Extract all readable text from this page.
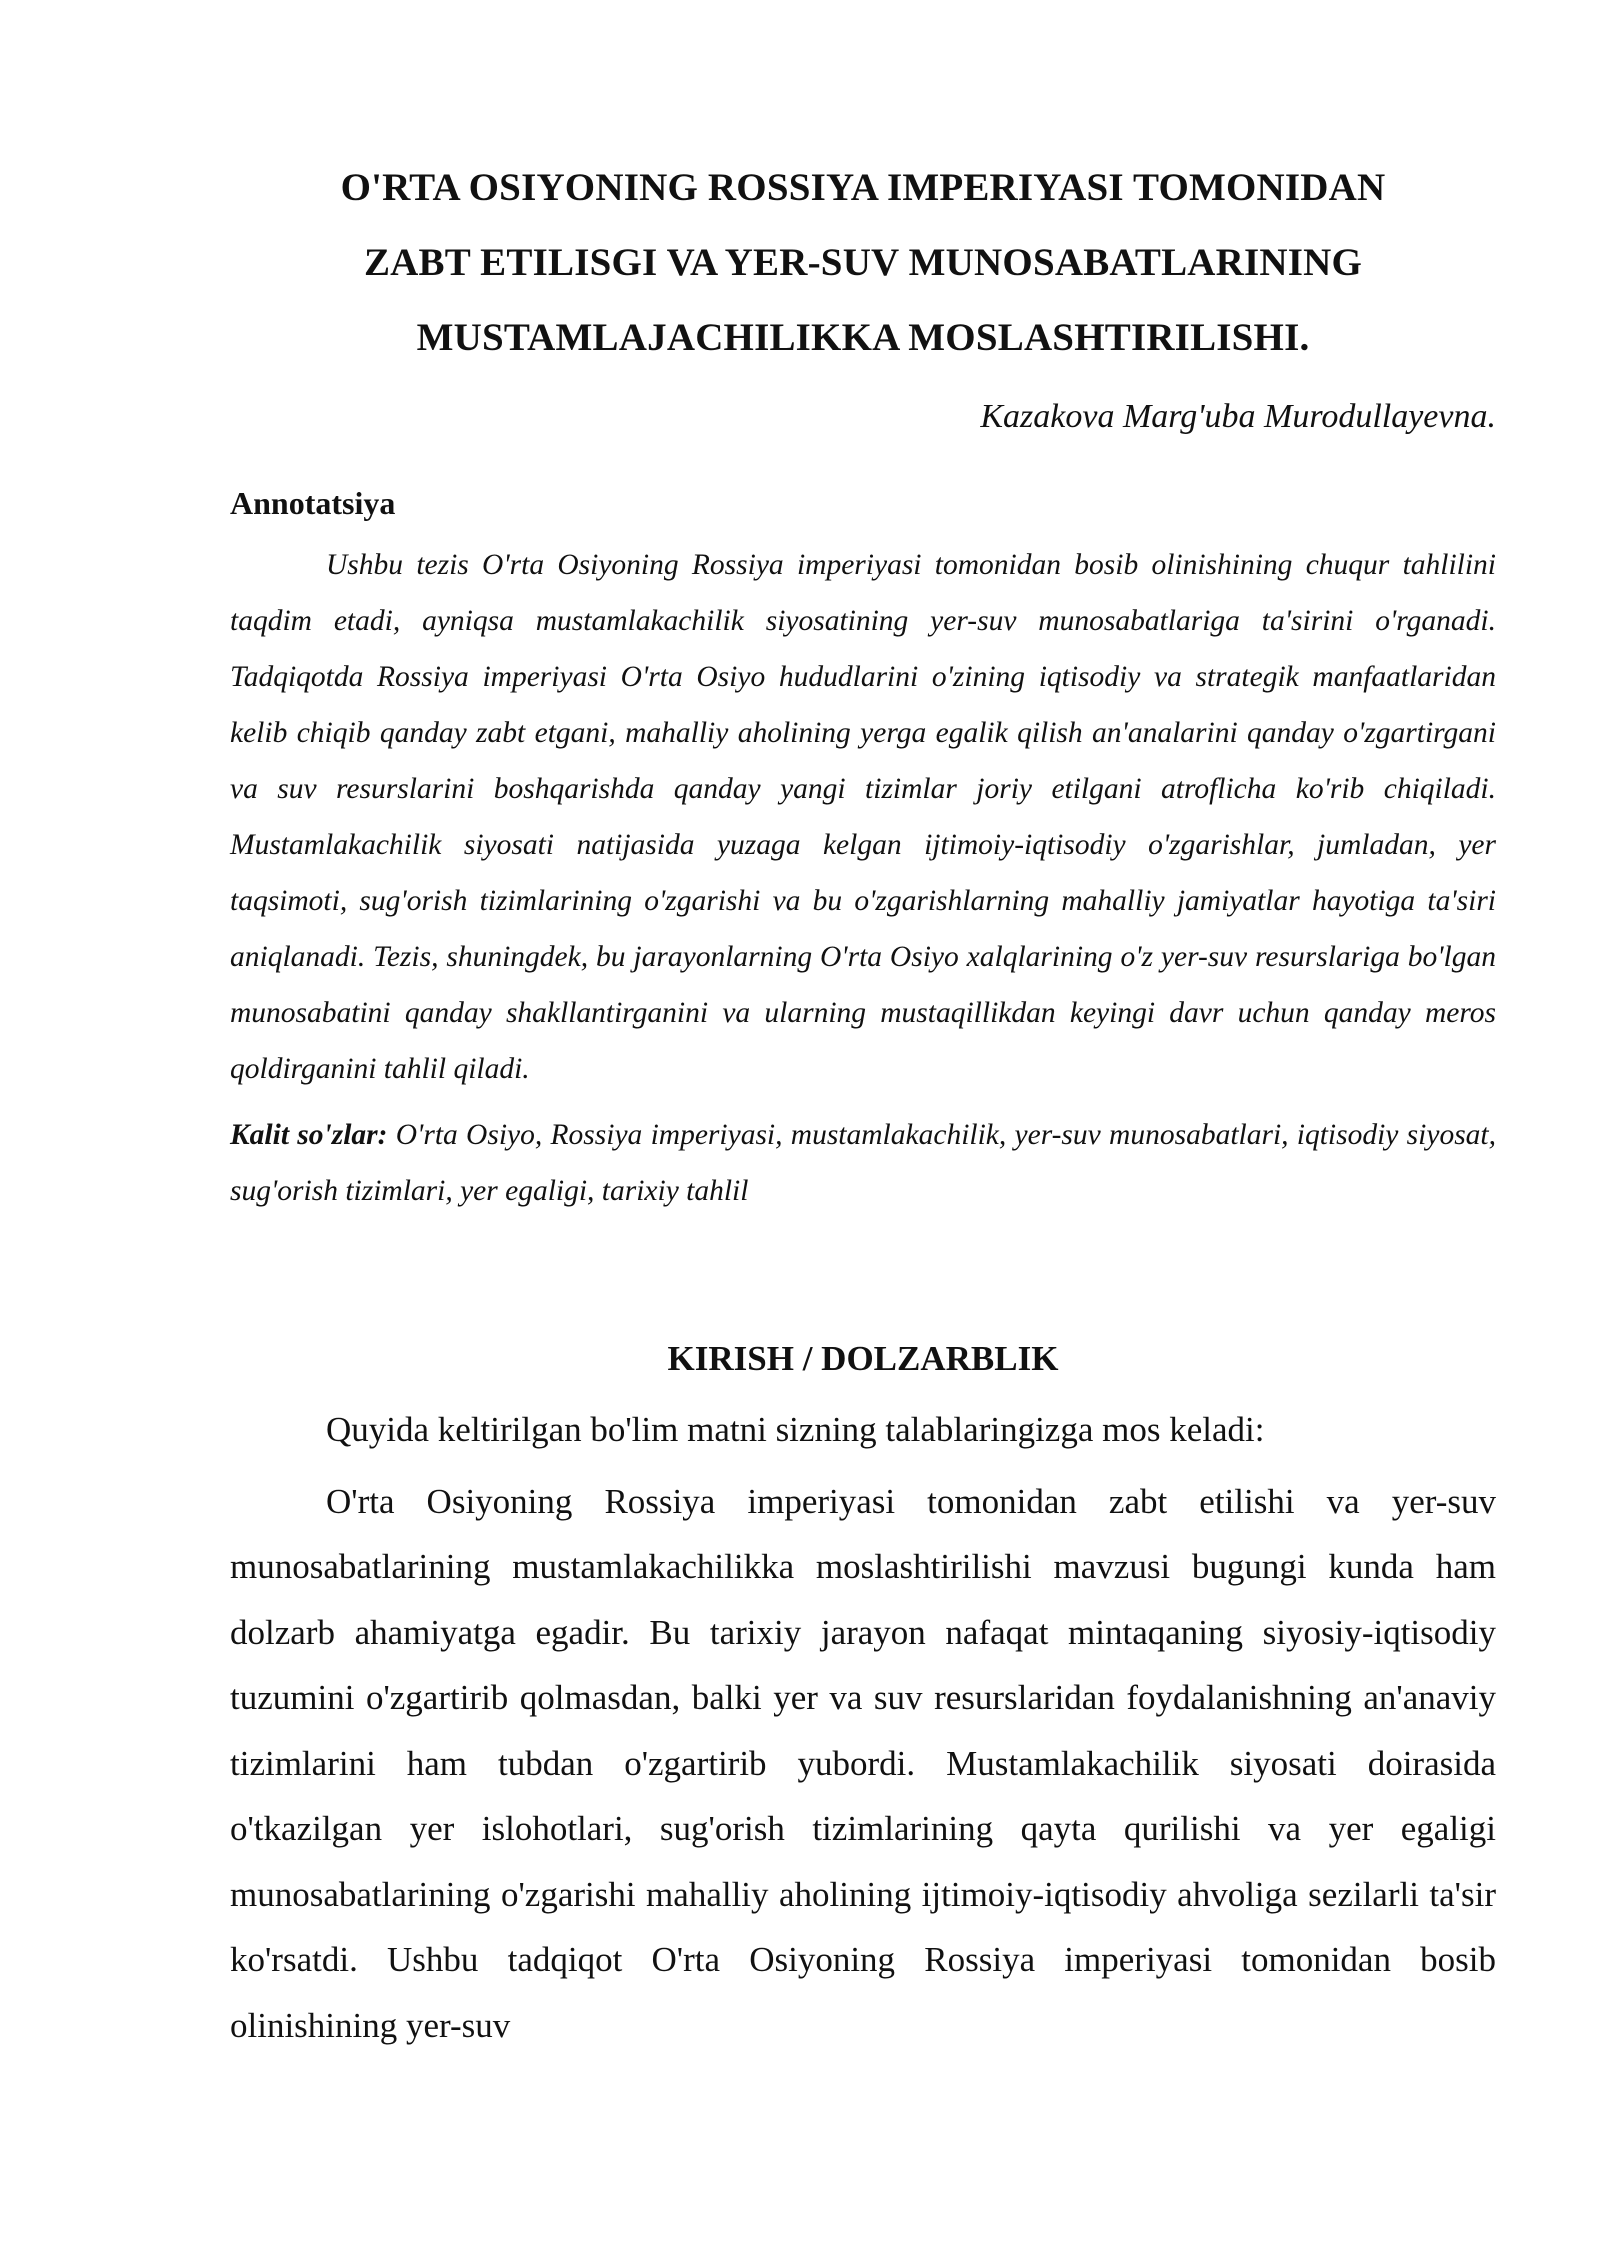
O'RTA OSIYONING ROSSIYA IMPERIYASI TOMONIDAN
ZABT ETILISGI VA YER-SUV MUNOSABATLARINING
MUSTAMLAJACHILIKKA MOSLASHTIRILISHI.

Kazakova Marg'uba Murodullayevna.

Annotatsiya

Ushbu tezis O'rta Osiyoning Rossiya imperiyasi tomonidan bosib olinishining chuqur tahlilini taqdim etadi, ayniqsa mustamlakachilik siyosatining yer-suv munosabatlariga ta'sirini o'rganadi. Tadqiqotda Rossiya imperiyasi O'rta Osiyo hududlarini o'zining iqtisodiy va strategik manfaatlaridan kelib chiqib qanday zabt etgani, mahalliy aholining yerga egalik qilish an'analarini qanday o'zgartirgani va suv resurslarini boshqarishda qanday yangi tizimlar joriy etilgani atroflicha ko'rib chiqiladi. Mustamlakachilik siyosati natijasida yuzaga kelgan ijtimoiy-iqtisodiy o'zgarishlar, jumladan, yer taqsimoti, sug'orish tizimlarining o'zgarishi va bu o'zgarishlarning mahalliy jamiyatlar hayotiga ta'siri aniqlanadi. Tezis, shuningdek, bu jarayonlarning O'rta Osiyo xalqlarining o'z yer-suv resurslariga bo'lgan munosabatini qanday shakllantirganini va ularning mustaqillikdan keyingi davr uchun qanday meros qoldirganini tahlil qiladi.

Kalit so'zlar: O'rta Osiyo, Rossiya imperiyasi, mustamlakachilik, yer-suv munosabatlari, iqtisodiy siyosat, sug'orish tizimlari, yer egaligi, tarixiy tahlil

KIRISH / DOLZARBLIK

Quyida keltirilgan bo'lim matni sizning talablaringizga mos keladi:

O'rta Osiyoning Rossiya imperiyasi tomonidan zabt etilishi va yer-suv munosabatlarining mustamlakachilikka moslashtirilishi mavzusi bugungi kunda ham dolzarb ahamiyatga egadir. Bu tarixiy jarayon nafaqat mintaqaning siyosiy-iqtisodiy tuzumini o'zgartirib qolmasdan, balki yer va suv resurslaridan foydalanishning an'anaviy tizimlarini ham tubdan o'zgartirib yubordi. Mustamlakachilik siyosati doirasida o'tkazilgan yer islohotlari, sug'orish tizimlarining qayta qurilishi va yer egaligi munosabatlarining o'zgarishi mahalliy aholining ijtimoiy-iqtisodiy ahvoliga sezilarli ta'sir ko'rsatdi. Ushbu tadqiqot O'rta Osiyoning Rossiya imperiyasi tomonidan bosib olinishining yer-suv
